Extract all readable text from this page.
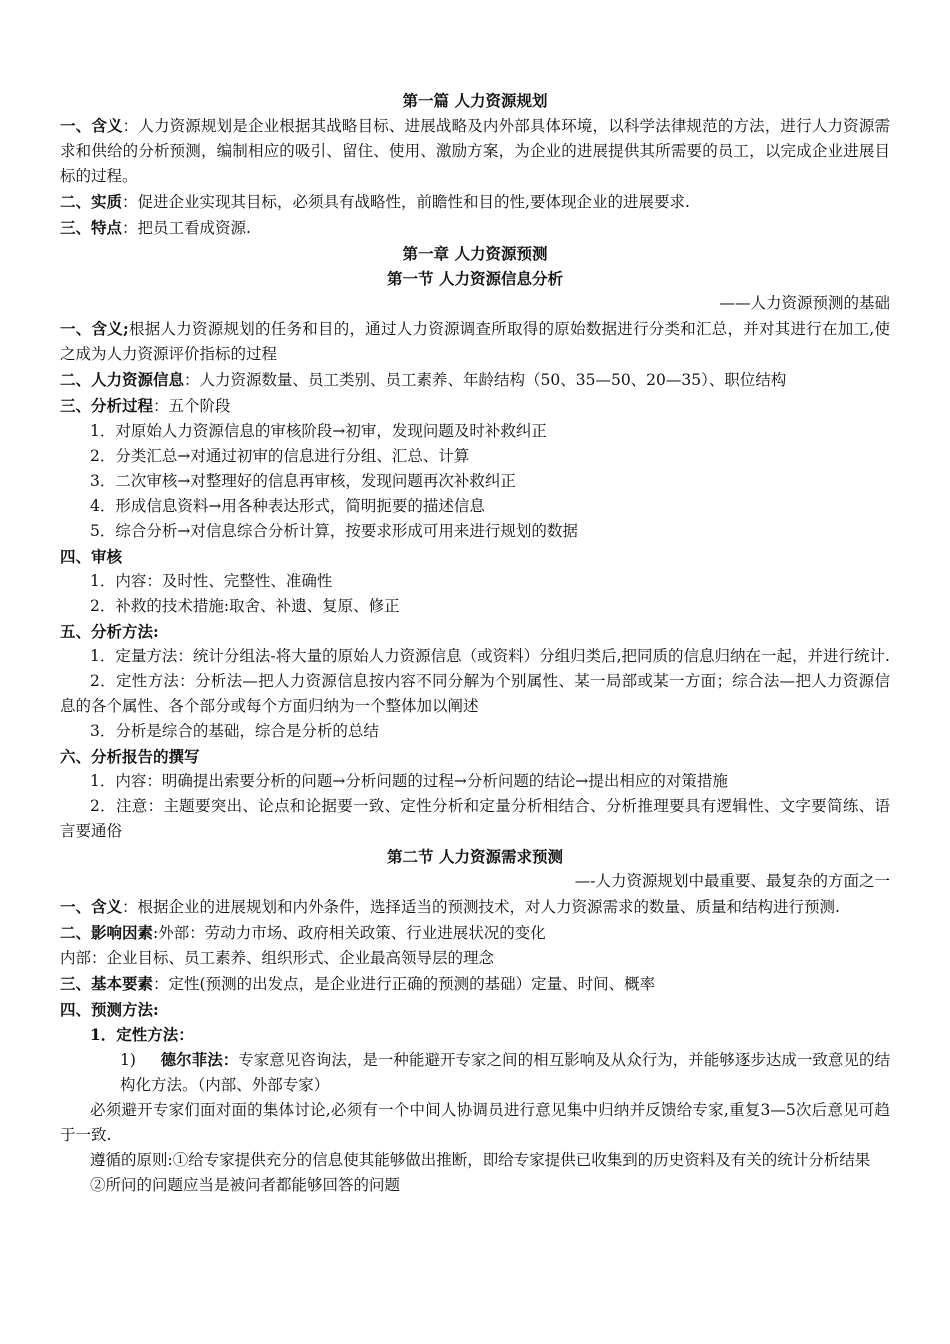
第一篇 人力资源规划

一、含义：人力资源规划是企业根据其战略目标、进展战略及内外部具体环境，以科学法律规范的方法，进行人力资源需求和供给的分析预测，编制相应的吸引、留住、使用、激励方案，为企业的进展提供其所需要的员工，以完成企业进展目标的过程。

二、实质：促进企业实现其目标，必须具有战略性，前瞻性和目的性,要体现企业的进展要求.

三、特点：把员工看成资源.

第一章 人力资源预测

第一节 人力资源信息分析

——人力资源预测的基础

一、含义;根据人力资源规划的任务和目的，通过人力资源调查所取得的原始数据进行分类和汇总，并对其进行在加工,使之成为人力资源评价指标的过程

二、人力资源信息：人力资源数量、员工类别、员工素养、年龄结构（50、35—50、20—35）、职位结构

三、分析过程：五个阶段

1．对原始人力资源信息的审核阶段→初审，发现问题及时补救纠正

2．分类汇总→对通过初审的信息进行分组、汇总、计算

3．二次审核→对整理好的信息再审核，发现问题再次补救纠正

4．形成信息资料→用各种表达形式，简明扼要的描述信息

5．综合分析→对信息综合分析计算，按要求形成可用来进行规划的数据

四、审核

1．内容：及时性、完整性、准确性

2．补救的技术措施:取舍、补遗、复原、修正

五、分析方法:

1．定量方法：统计分组法-将大量的原始人力资源信息（或资料）分组归类后,把同质的信息归纳在一起，并进行统计.

2．定性方法：分析法—把人力资源信息按内容不同分解为个别属性、某一局部或某一方面；综合法—把人力资源信息的各个属性、各个部分或每个方面归纳为一个整体加以阐述

3．分析是综合的基础，综合是分析的总结

六、分析报告的撰写

1．内容：明确提出索要分析的问题→分析问题的过程→分析问题的结论→提出相应的对策措施

2．注意：主题要突出、论点和论据要一致、定性分析和定量分析相结合、分析推理要具有逻辑性、文字要简练、语言要通俗

第二节 人力资源需求预测

—-人力资源规划中最重要、最复杂的方面之一

一、含义：根据企业的进展规划和内外条件，选择适当的预测技术，对人力资源需求的数量、质量和结构进行预测.

二、影响因素:外部：劳动力市场、政府相关政策、行业进展状况的变化

内部：企业目标、员工素养、组织形式、企业最高领导层的理念

三、基本要素：定性(预测的出发点，是企业进行正确的预测的基础）定量、时间、概率

四、预测方法:

1．定性方法：

1) 德尔菲法：专家意见咨询法，是一种能避开专家之间的相互影响及从众行为，并能够逐步达成一致意见的结构化方法。（内部、外部专家）

必须避开专家们面对面的集体讨论,必须有一个中间人协调员进行意见集中归纳并反馈给专家,重复3—5次后意见可趋于一致.

遵循的原则:①给专家提供充分的信息使其能够做出推断，即给专家提供已收集到的历史资料及有关的统计分析结果

②所问的问题应当是被问者都能够回答的问题
